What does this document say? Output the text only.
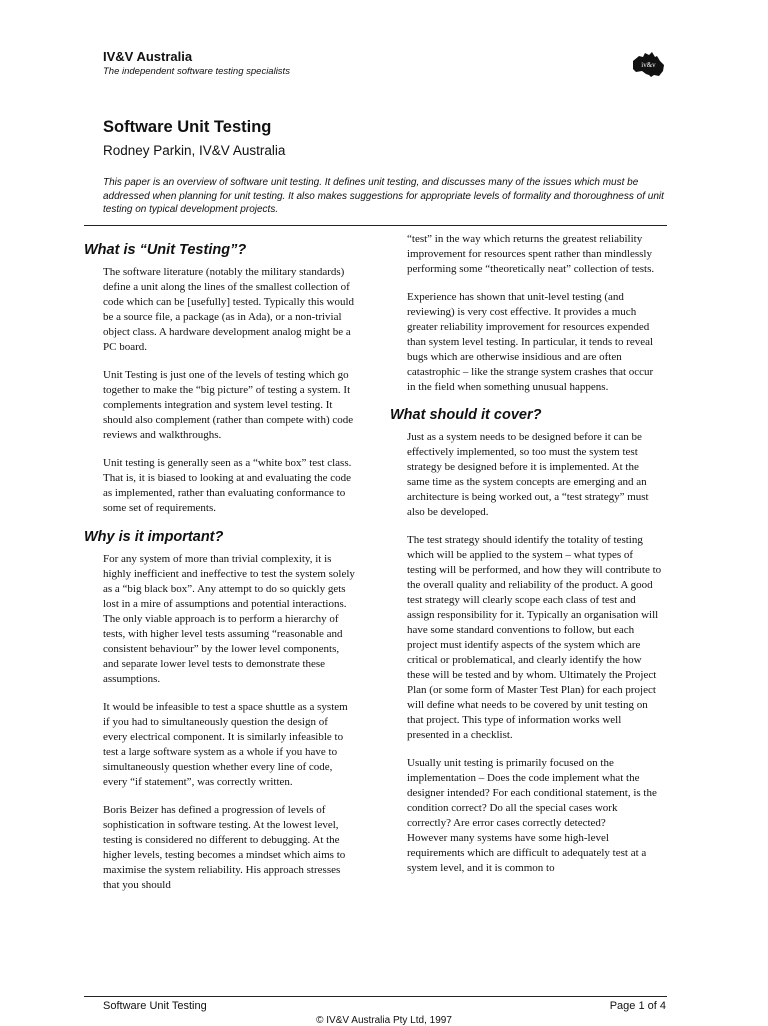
IV&V Australia
The independent software testing specialists
iv&v
Software Unit Testing
Rodney Parkin, IV&V Australia
This paper is an overview of software unit testing. It defines unit testing, and discusses many of the issues which must be addressed when planning for unit testing. It also makes suggestions for appropriate levels of formality and thoroughness of unit testing on typical development projects.
What is “Unit Testing”?

The software literature (notably the military standards) define a unit along the lines of the smallest collection of code which can be [usefully] tested. Typically this would be a source file, a package (as in Ada), or a non-trivial object class. A hardware development analog might be a PC board.

Unit Testing is just one of the levels of testing which go together to make the “big picture” of testing a system. It complements integration and system level testing. It should also complement (rather than compete with) code reviews and walkthroughs.

Unit testing is generally seen as a “white box” test class. That is, it is biased to looking at and evaluating the code as implemented, rather than evaluating conformance to some set of requirements.

Why is it important?

For any system of more than trivial complexity, it is highly inefficient and ineffective to test the system solely as a “big black box”. Any attempt to do so quickly gets lost in a mire of assumptions and potential interactions. The only viable approach is to perform a hierarchy of tests, with higher level tests assuming “reasonable and consistent behaviour” by the lower level components, and separate lower level tests to demonstrate these assumptions.

It would be infeasible to test a space shuttle as a system if you had to simultaneously question the design of every electrical component. It is similarly infeasible to test a large software system as a whole if you have to simultaneously question whether every line of code, every “if statement”, was correctly written.

Boris Beizer has defined a progression of levels of sophistication in software testing. At the lowest level, testing is considered no different to debugging. At the higher levels, testing becomes a mindset which aims to maximise the system reliability. His approach stresses that you should

“test” in the way which returns the greatest reliability improvement for resources spent rather than mindlessly performing some “theoretically neat” collection of tests.

Experience has shown that unit-level testing (and reviewing) is very cost effective. It provides a much greater reliability improvement for resources expended than system level testing. In particular, it tends to reveal bugs which are otherwise insidious and are often catastrophic – like the strange system crashes that occur in the field when something unusual happens.

What should it cover?

Just as a system needs to be designed before it can be effectively implemented, so too must the system test strategy be designed before it is implemented. At the same time as the system concepts are emerging and an architecture is being worked out, a “test strategy” must also be developed.

The test strategy should identify the totality of testing which will be applied to the system – what types of testing will be performed, and how they will contribute to the overall quality and reliability of the product. A good test strategy will clearly scope each class of test and assign responsibility for it. Typically an organisation will have some standard conventions to follow, but each project must identify aspects of the system which are critical or problematical, and clearly identify the how these will be tested and by whom. Ultimately the Project Plan (or some form of Master Test Plan) for each project will define what needs to be covered by unit testing on that project. This type of information works well presented in a checklist.

Usually unit testing is primarily focused on the implementation – Does the code implement what the designer intended? For each conditional statement, is the condition correct? Do all the special cases work correctly? Are error cases correctly detected?

However many systems have some high-level requirements which are difficult to adequately test at a system level, and it is common to

Software Unit Testing	Page 1 of 4
© IV&V Australia Pty Ltd, 1997
